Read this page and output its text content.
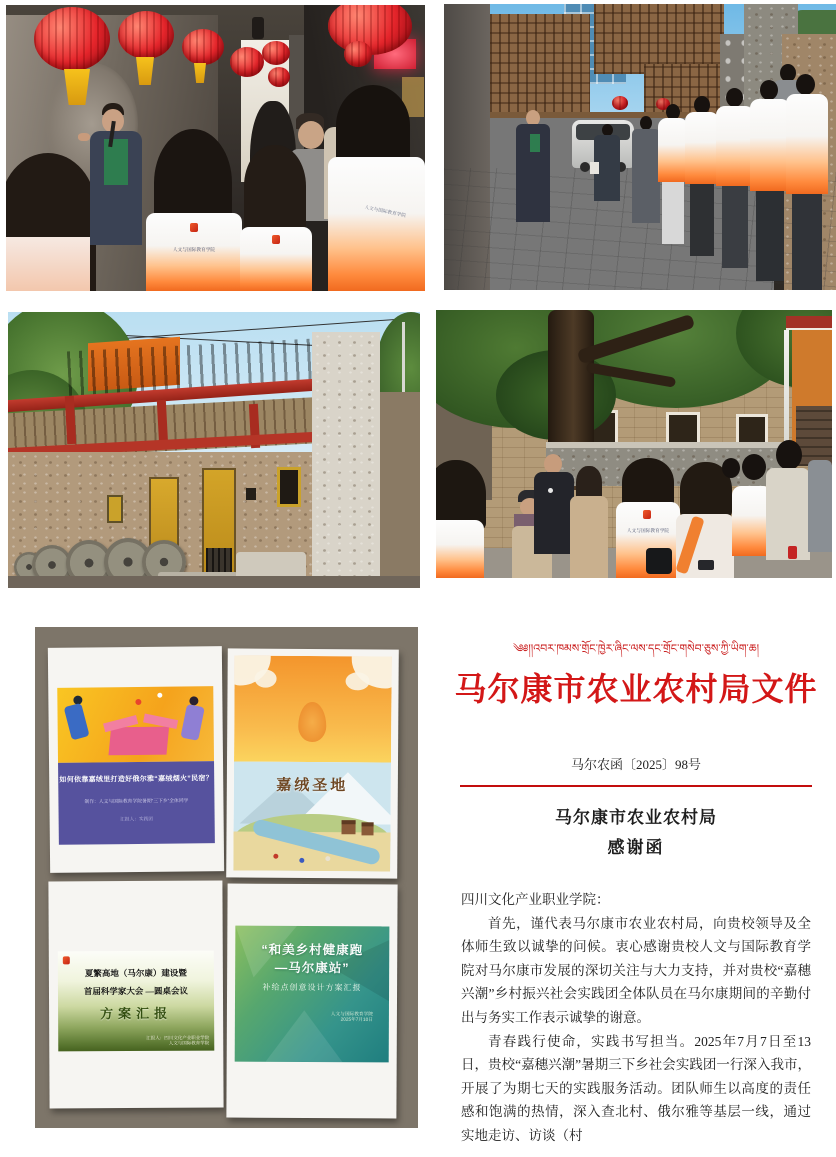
人文与国际教育学院
人文与国际教育学院
人文与国际教育学院
如何依靠嘉绒里打造好俄尔雅“嘉绒烟火”民宿？
制作：人文与国际教育学院暑期“三下乡”全体同学
汇报人：实践团
嘉绒圣地
夏繁高地（马尔康）建设暨
首届科学家大会 —圆桌会议
方案汇报
汇报人：四川文化产业职业学院
人文与国际教育学院
“和美乡村健康跑
—马尔康站”
补给点创意设计方案汇报
人文与国际教育学院
2025年7月10日
༄༅།།འབར་ཁམས་གྲོང་ཁྱེར་ཞིང་ལས་དང་གྲོང་གསེབ་ཅུས་ཀྱི་ཡིག་ཆ།
马尔康市农业农村局文件
马尔农函〔2025〕98号
马尔康市农业农村局
感谢函

四川文化产业职业学院：

首先，谨代表马尔康市农业农村局，向贵校领导及全体师生致以诚挚的问候。衷心感谢贵校人文与国际教育学院对马尔康市发展的深切关注与大力支持，并对贵校“嘉穗兴潮”乡村振兴社会实践团全体队员在马尔康期间的辛勤付出与务实工作表示诚挚的谢意。

青春践行使命，实践书写担当。2025年7月7日至13日，贵校“嘉穗兴潮”暑期三下乡社会实践团一行深入我市，开展了为期七天的实践服务活动。团队师生以高度的责任感和饱满的热情，深入查北村、俄尔雅等基层一线，通过实地走访、访谈（村
